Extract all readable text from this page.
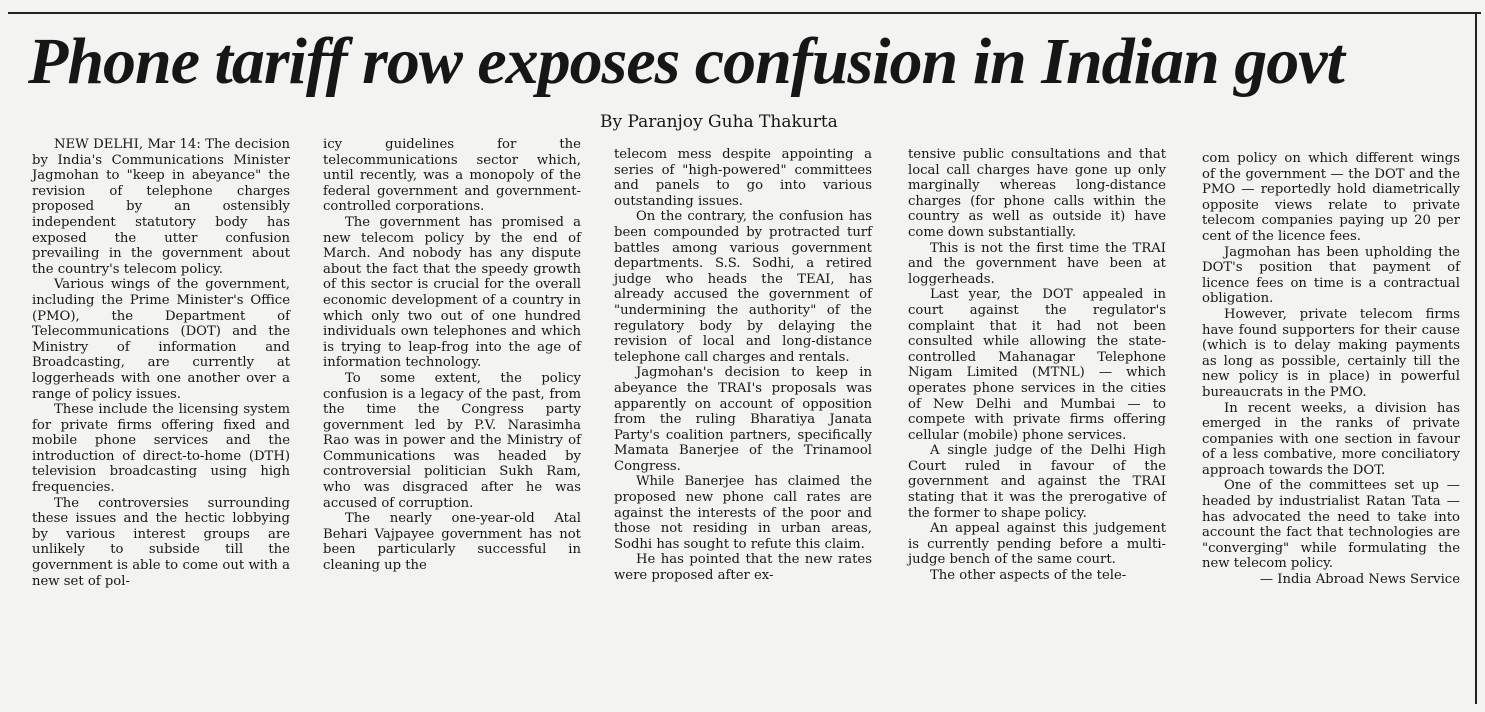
Phone tariff row exposes confusion in Indian govt
By Paranjoy Guha Thakurta

NEW DELHI, Mar 14: The decision by India's Communications Minister Jagmohan to "keep in abeyance" the revision of telephone charges proposed by an ostensibly independent statutory body has exposed the utter confusion prevailing in the government about the country's telecom policy.

Various wings of the government, including the Prime Minister's Office (PMO), the Department of Telecommunications (DOT) and the Ministry of information and Broadcasting, are currently at loggerheads with one another over a range of policy issues.

These include the licensing system for private firms offering fixed and mobile phone services and the introduction of direct-to-home (DTH) television broadcasting using high frequencies.

The controversies surrounding these issues and the hectic lobbying by various interest groups are unlikely to subside till the government is able to come out with a new set of pol-

icy guidelines for the telecommunications sector which, until recently, was a monopoly of the federal government and government-controlled corporations.

The government has promised a new telecom policy by the end of March. And nobody has any dispute about the fact that the speedy growth of this sector is crucial for the overall economic development of a country in which only two out of one hundred individuals own telephones and which is trying to leap-frog into the age of information technology.

To some extent, the policy confusion is a legacy of the past, from the time the Congress party government led by P.V. Narasimha Rao was in power and the Ministry of Communications was headed by controversial politician Sukh Ram, who was disgraced after he was accused of corruption.

The nearly one-year-old Atal Behari Vajpayee government has not been particularly successful in cleaning up the

telecom mess despite appointing a series of "high-powered" committees and panels to go into various outstanding issues.

On the contrary, the confusion has been compounded by protracted turf battles among various government departments. S.S. Sodhi, a retired judge who heads the TEAI, has already accused the government of "undermining the authority" of the regulatory body by delaying the revision of local and long-distance telephone call charges and rentals.

Jagmohan's decision to keep in abeyance the TRAI's proposals was apparently on account of opposition from the ruling Bharatiya Janata Party's coalition partners, specifically Mamata Banerjee of the Trinamool Congress.

While Banerjee has claimed the proposed new phone call rates are against the interests of the poor and those not residing in urban areas, Sodhi has sought to refute this claim.

He has pointed that the new rates were proposed after ex-

tensive public consultations and that local call charges have gone up only marginally whereas long-distance charges (for phone calls within the country as well as outside it) have come down substantially.

This is not the first time the TRAI and the government have been at loggerheads.

Last year, the DOT appealed in court against the regulator's complaint that it had not been consulted while allowing the state-controlled Mahanagar Telephone Nigam Limited (MTNL) — which operates phone services in the cities of New Delhi and Mumbai — to compete with private firms offering cellular (mobile) phone services.

A single judge of the Delhi High Court ruled in favour of the government and against the TRAI stating that it was the prerogative of the former to shape policy.

An appeal against this judgement is currently pending before a multi-judge bench of the same court.

The other aspects of the tele-

com policy on which different wings of the government — the DOT and the PMO — reportedly hold diametrically opposite views relate to private telecom companies paying up 20 per cent of the licence fees.

Jagmohan has been upholding the DOT's position that payment of licence fees on time is a contractual obligation.

However, private telecom firms have found supporters for their cause (which is to delay making payments as long as possible, certainly till the new policy is in place) in powerful bureaucrats in the PMO.

In recent weeks, a division has emerged in the ranks of private companies with one section in favour of a less combative, more conciliatory approach towards the DOT.

One of the committees set up — headed by industrialist Ratan Tata — has advocated the need to take into account the fact that technologies are "converging" while formulating the new telecom policy.

— India Abroad News Service
